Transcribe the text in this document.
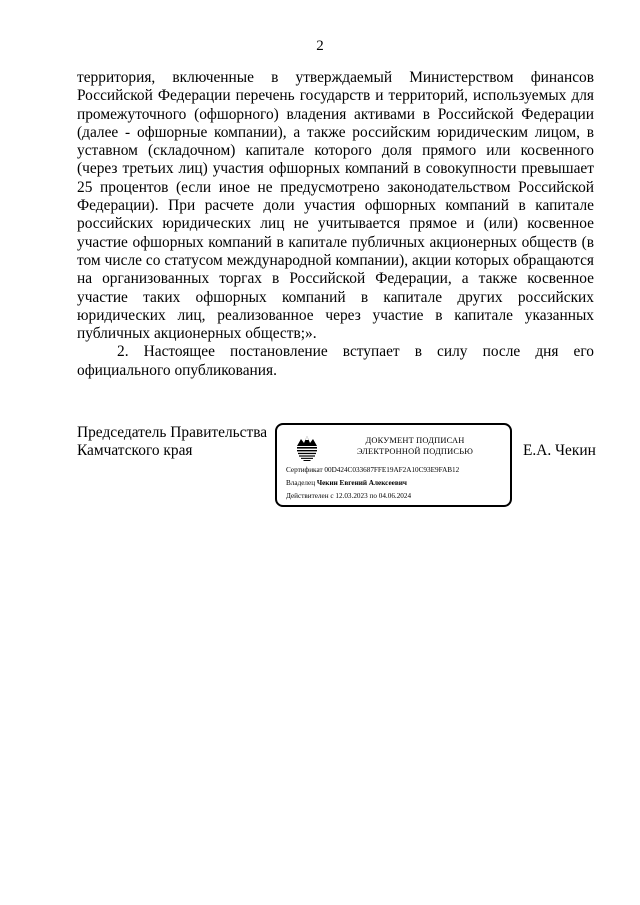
2

территория, включенные в утверждаемый Министерством финансов Российской Федерации перечень государств и территорий, используемых для промежуточного (офшорного) владения активами в Российской Федерации (далее - офшорные компании), а также российским юридическим лицом, в уставном (складочном) капитале которого доля прямого или косвенного (через третьих лиц) участия офшорных компаний в совокупности превышает 25 процентов (если иное не предусмотрено законодательством Российской Федерации). При расчете доли участия офшорных компаний в капитале российских юридических лиц не учитывается прямое и (или) косвенное участие офшорных компаний в капитале публичных акционерных обществ (в том числе со статусом международной компании), акции которых обращаются на организованных торгах в Российской Федерации, а также косвенное участие таких офшорных компаний в капитале других российских юридических лиц, реализованное через участие в капитале указанных публичных акционерных обществ;».

2. Настоящее постановление вступает в силу после дня его официального опубликования.

Председатель Правительства
Камчатского края	Е.А. Чекин
ДОКУМЕНТ ПОДПИСАН
ЭЛЕКТРОННОЙ ПОДПИСЬЮ
Сертификат 00D424C033687FFE19AF2A10C93E9FAB12
Владелец Чекин Евгений Алексеевич
Действителен с 12.03.2023 по 04.06.2024
